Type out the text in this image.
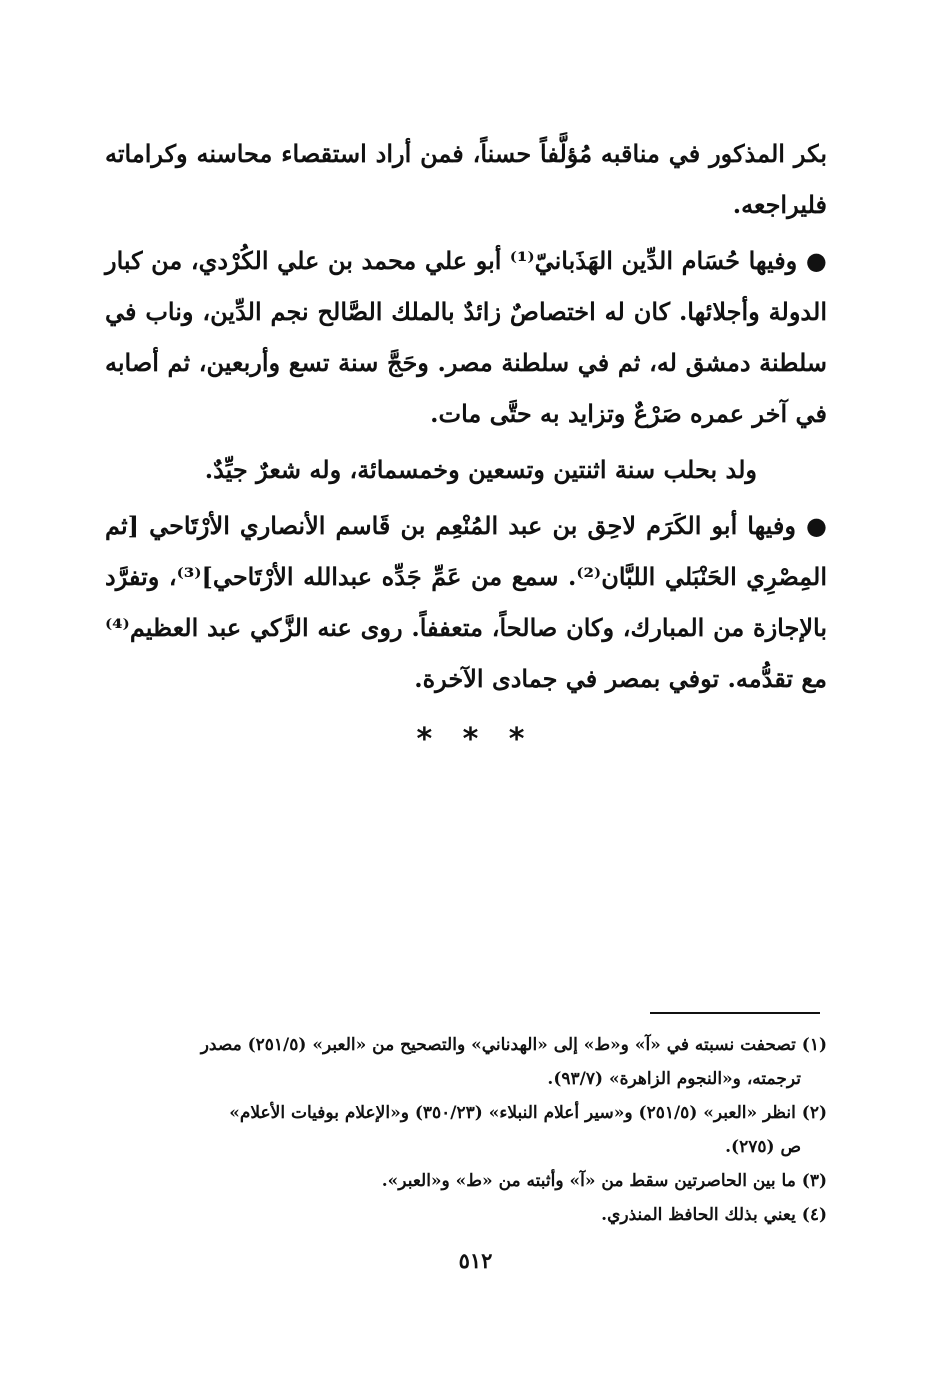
بكر المذكور في مناقبه مُؤلَّفاً حسناً، فمن أراد استقصاء محاسنه وكراماته فليراجعه.

● وفيها حُسَام الدِّين الهَذَبانيّ⁽¹⁾ أبو علي محمد بن علي الكُرْدي، من كبار الدولة وأجلائها. كان له اختصاصٌ زائدٌ بالملك الصَّالح نجم الدِّين، وناب في سلطنة دمشق له، ثم في سلطنة مصر. وحَجَّ سنة تسع وأربعين، ثم أصابه في آخر عمره صَرْعٌ وتزايد به حتَّى مات.

ولد بحلب سنة اثنتين وتسعين وخمسمائة، وله شعرٌ جيِّدٌ.

● وفيها أبو الكَرَم لاحِق بن عبد المُنْعِم بن قَاسم الأنصاري الأرْتَاحي [ثم المِصْرِي الحَنْبَلي اللبَّان⁽²⁾. سمع من عَمِّ جَدِّه عبدالله الأرْتَاحي]⁽³⁾، وتفرَّد بالإجازة من المبارك، وكان صالحاً، متعففاً. روى عنه الزَّكي عبد العظيم⁽⁴⁾ مع تقدُّمه. توفي بمصر في جمادى الآخرة.

* * *

(١) تصحفت نسبته في «آ» و«ط» إلى «الهدناني» والتصحيح من «العبر» (٢٥١/٥) مصدر

ترجمته، و«النجوم الزاهرة» (٩٣/٧).

(٢) انظر «العبر» (٢٥١/٥) و«سير أعلام النبلاء» (٣٥٠/٢٣) و«الإعلام بوفيات الأعلام»

ص (٢٧٥).

(٣) ما بين الحاصرتين سقط من «آ» وأثبته من «ط» و«العبر».

(٤) يعني بذلك الحافظ المنذري.

٥١٢
